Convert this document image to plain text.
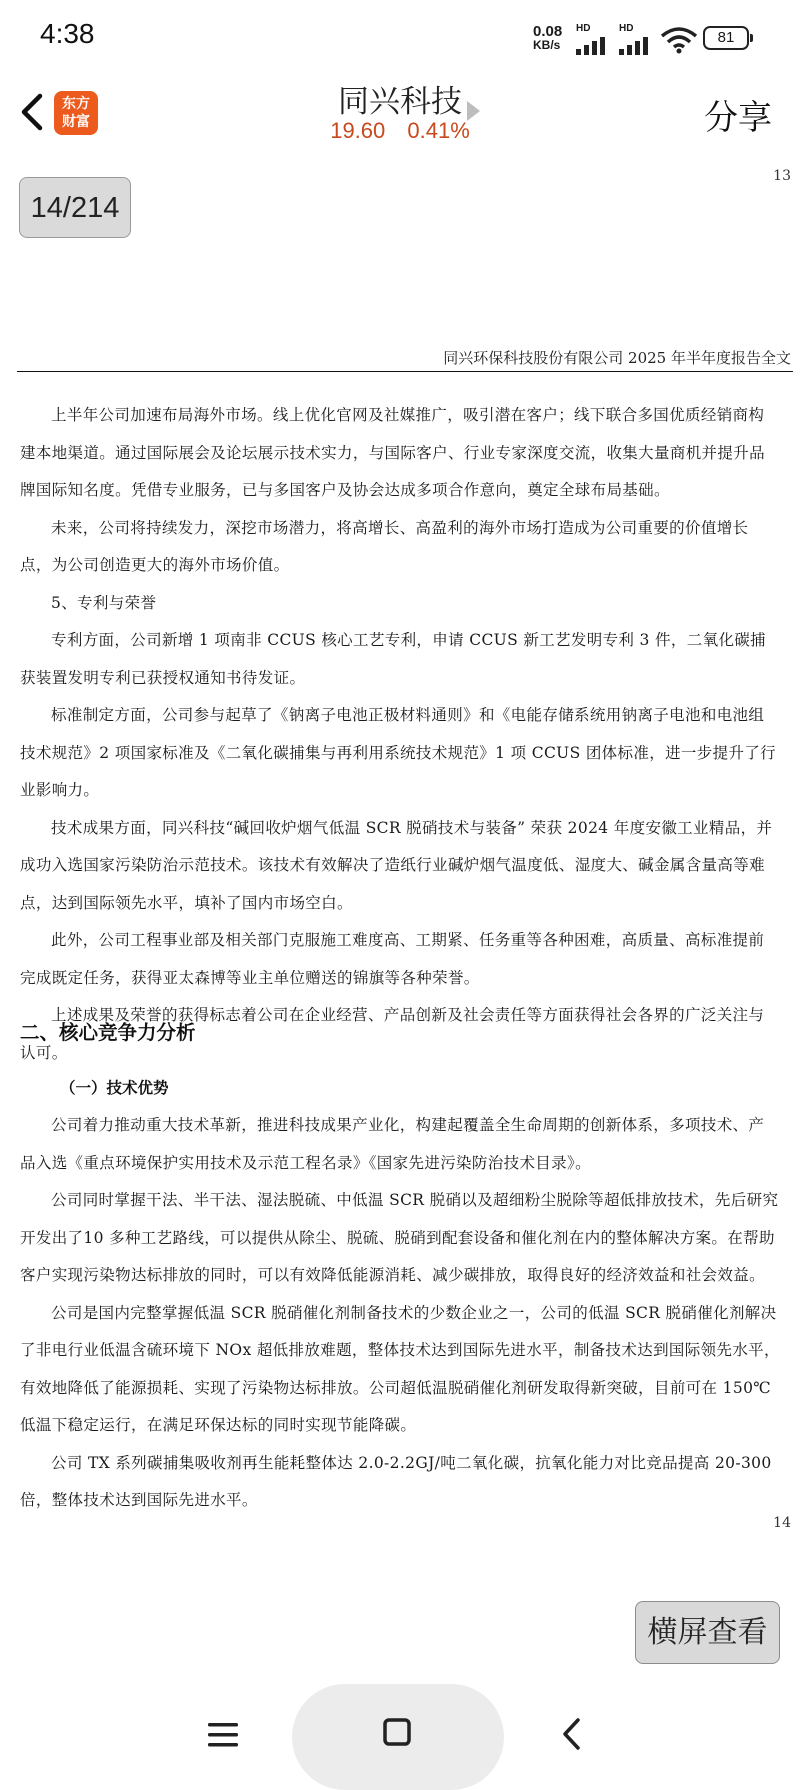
4:38	0.08
KB/s
HD	HD
81
东方
财富
同兴科技
19.60 0.41%	分享
13
14/214
同兴环保科技股份有限公司 2025 年半年度报告全文

上半年公司加速布局海外市场。线上优化官网及社媒推广，吸引潜在客户；线下联合多国优质经销商构建本地渠道。通过国际展会及论坛展示技术实力，与国际客户、行业专家深度交流，收集大量商机并提升品牌国际知名度。凭借专业服务，已与多国客户及协会达成多项合作意向，奠定全球布局基础。

未来，公司将持续发力，深挖市场潜力，将高增长、高盈利的海外市场打造成为公司重要的价值增长点，为公司创造更大的海外市场价值。

5、专利与荣誉

专利方面，公司新增 1 项南非 CCUS 核心工艺专利，申请 CCUS 新工艺发明专利 3 件，二氧化碳捕获装置发明专利已获授权通知书待发证。

标准制定方面，公司参与起草了《钠离子电池正极材料通则》和《电能存储系统用钠离子电池和电池组技术规范》2 项国家标准及《二氧化碳捕集与再利用系统技术规范》1 项 CCUS 团体标准，进一步提升了行业影响力。

技术成果方面，同兴科技“碱回收炉烟气低温 SCR 脱硝技术与装备” 荣获 2024 年度安徽工业精品，并成功入选国家污染防治示范技术。该技术有效解决了造纸行业碱炉烟气温度低、湿度大、碱金属含量高等难点，达到国际领先水平，填补了国内市场空白。

此外，公司工程事业部及相关部门克服施工难度高、工期紧、任务重等各种困难，高质量、高标准提前完成既定任务，获得亚太森博等业主单位赠送的锦旗等各种荣誉。

上述成果及荣誉的获得标志着公司在企业经营、产品创新及社会责任等方面获得社会各界的广泛关注与认可。

二、核心竞争力分析
（一）技术优势

公司着力推动重大技术革新，推进科技成果产业化，构建起覆盖全生命周期的创新体系，多项技术、产品入选《重点环境保护实用技术及示范工程名录》《国家先进污染防治技术目录》。

公司同时掌握干法、半干法、湿法脱硫、中低温 SCR 脱硝以及超细粉尘脱除等超低排放技术，先后研究开发出了10 多种工艺路线，可以提供从除尘、脱硫、脱硝到配套设备和催化剂在内的整体解决方案。在帮助客户实现污染物达标排放的同时，可以有效降低能源消耗、减少碳排放，取得良好的经济效益和社会效益。

公司是国内完整掌握低温 SCR 脱硝催化剂制备技术的少数企业之一，公司的低温 SCR 脱硝催化剂解决了非电行业低温含硫环境下 NOx 超低排放难题，整体技术达到国际先进水平，制备技术达到国际领先水平，有效地降低了能源损耗、实现了污染物达标排放。公司超低温脱硝催化剂研发取得新突破，目前可在 150℃低温下稳定运行，在满足环保达标的同时实现节能降碳。

公司 TX 系列碳捕集吸收剂再生能耗整体达 2.0-2.2GJ/吨二氧化碳，抗氧化能力对比竞品提高 20-300 倍，整体技术达到国际先进水平。

14
横屏查看
